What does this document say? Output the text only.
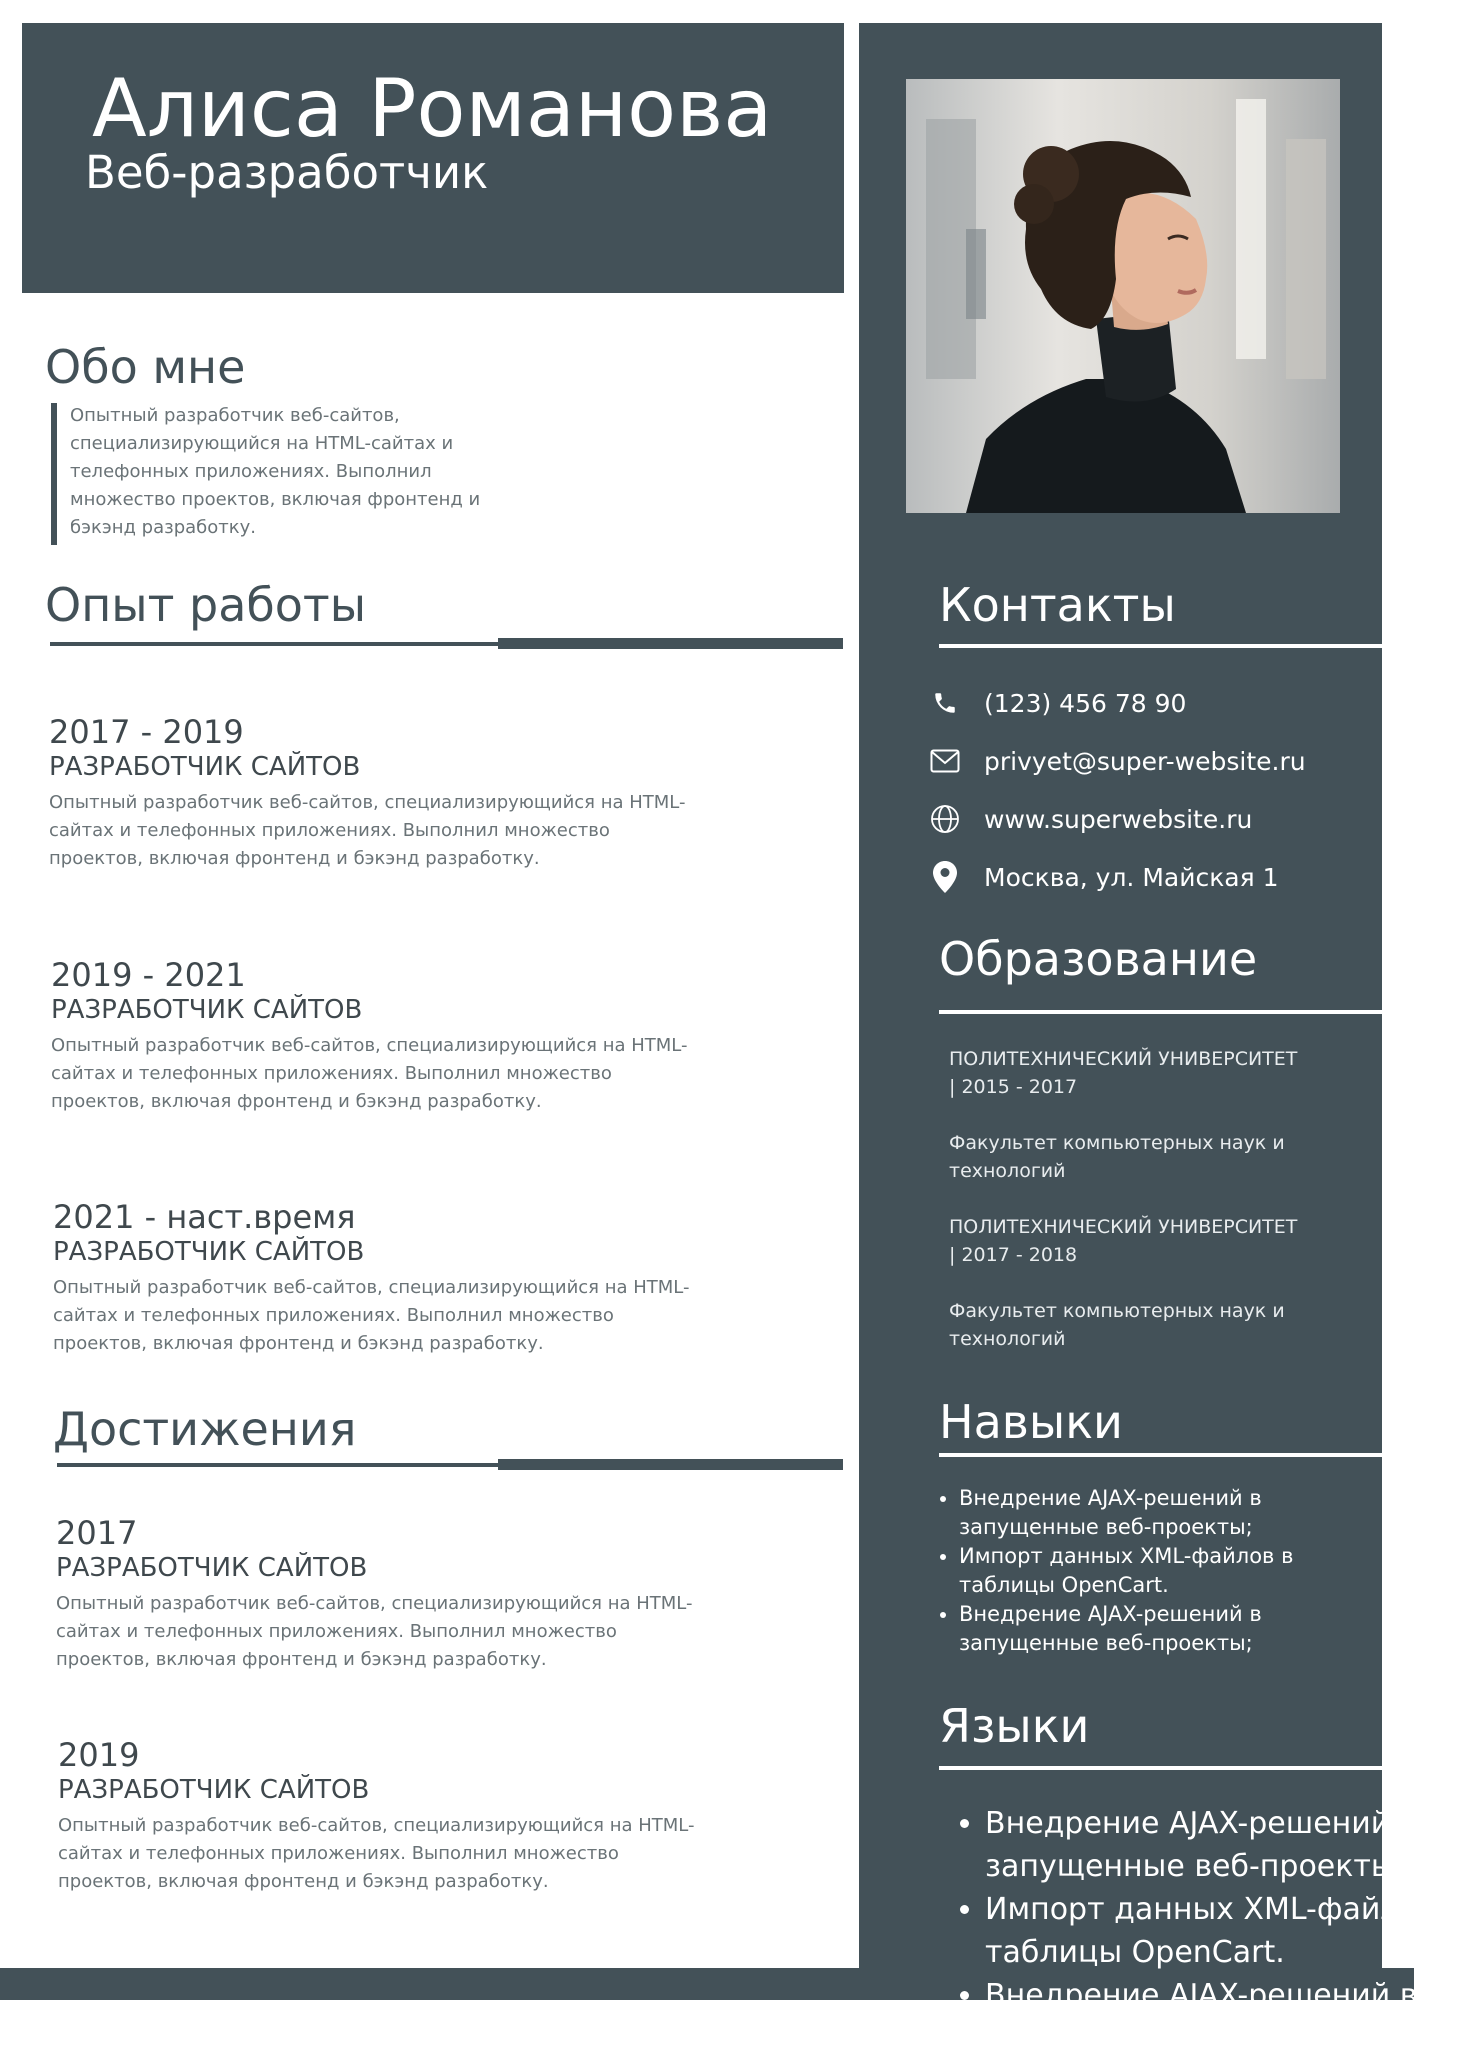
Алиса Романова
Веб-разработчик
Обо мне

Опытный разработчик веб-сайтов, специализирующийся на HTML-сайтах и телефонных приложениях. Выполнил множество проектов, включая фронтенд и бэкэнд разработку.

Опыт работы
2017 - 2019
РАЗРАБОТЧИК САЙТОВ
Опытный разработчик веб-сайтов, специализирующийся на HTML-сайтах и телефонных приложениях. Выполнил множество проектов, включая фронтенд и бэкэнд разработку.
2019 - 2021
РАЗРАБОТЧИК САЙТОВ
Опытный разработчик веб-сайтов, специализирующийся на HTML-сайтах и телефонных приложениях. Выполнил множество проектов, включая фронтенд и бэкэнд разработку.
2021 - наст.время
РАЗРАБОТЧИК САЙТОВ
Опытный разработчик веб-сайтов, специализирующийся на HTML-сайтах и телефонных приложениях. Выполнил множество проектов, включая фронтенд и бэкэнд разработку.
Достижения
2017
РАЗРАБОТЧИК САЙТОВ
Опытный разработчик веб-сайтов, специализирующийся на HTML-сайтах и телефонных приложениях. Выполнил множество проектов, включая фронтенд и бэкэнд разработку.
2019
РАЗРАБОТЧИК САЙТОВ
Опытный разработчик веб-сайтов, специализирующийся на HTML-сайтах и телефонных приложениях. Выполнил множество проектов, включая фронтенд и бэкэнд разработку.
Контакты
(123) 456 78 90
privyet@super-website.ru
www.superwebsite.ru
Москва, ул. Майская 1
Образование

ПОЛИТЕХНИЧЕСКИЙ УНИВЕРСИТЕТ | 2015 - 2017

Факультет компьютерных наук и технологий

ПОЛИТЕХНИЧЕСКИЙ УНИВЕРСИТЕТ | 2017 - 2018

Факультет компьютерных наук и технологий

Навыки
• Внедрение AJAX-решений в запущенные веб-проекты;
• Импорт данных XML-файлов в таблицы OpenCart.
• Внедрение AJAX-решений в запущенные веб-проекты;
Языки
• Внедрение AJAX-решений в запущенные веб-проекты;
• Импорт данных XML-файлов в таблицы OpenCart.
• Внедрение AJAX-решений в запущенные веб-проекты;
